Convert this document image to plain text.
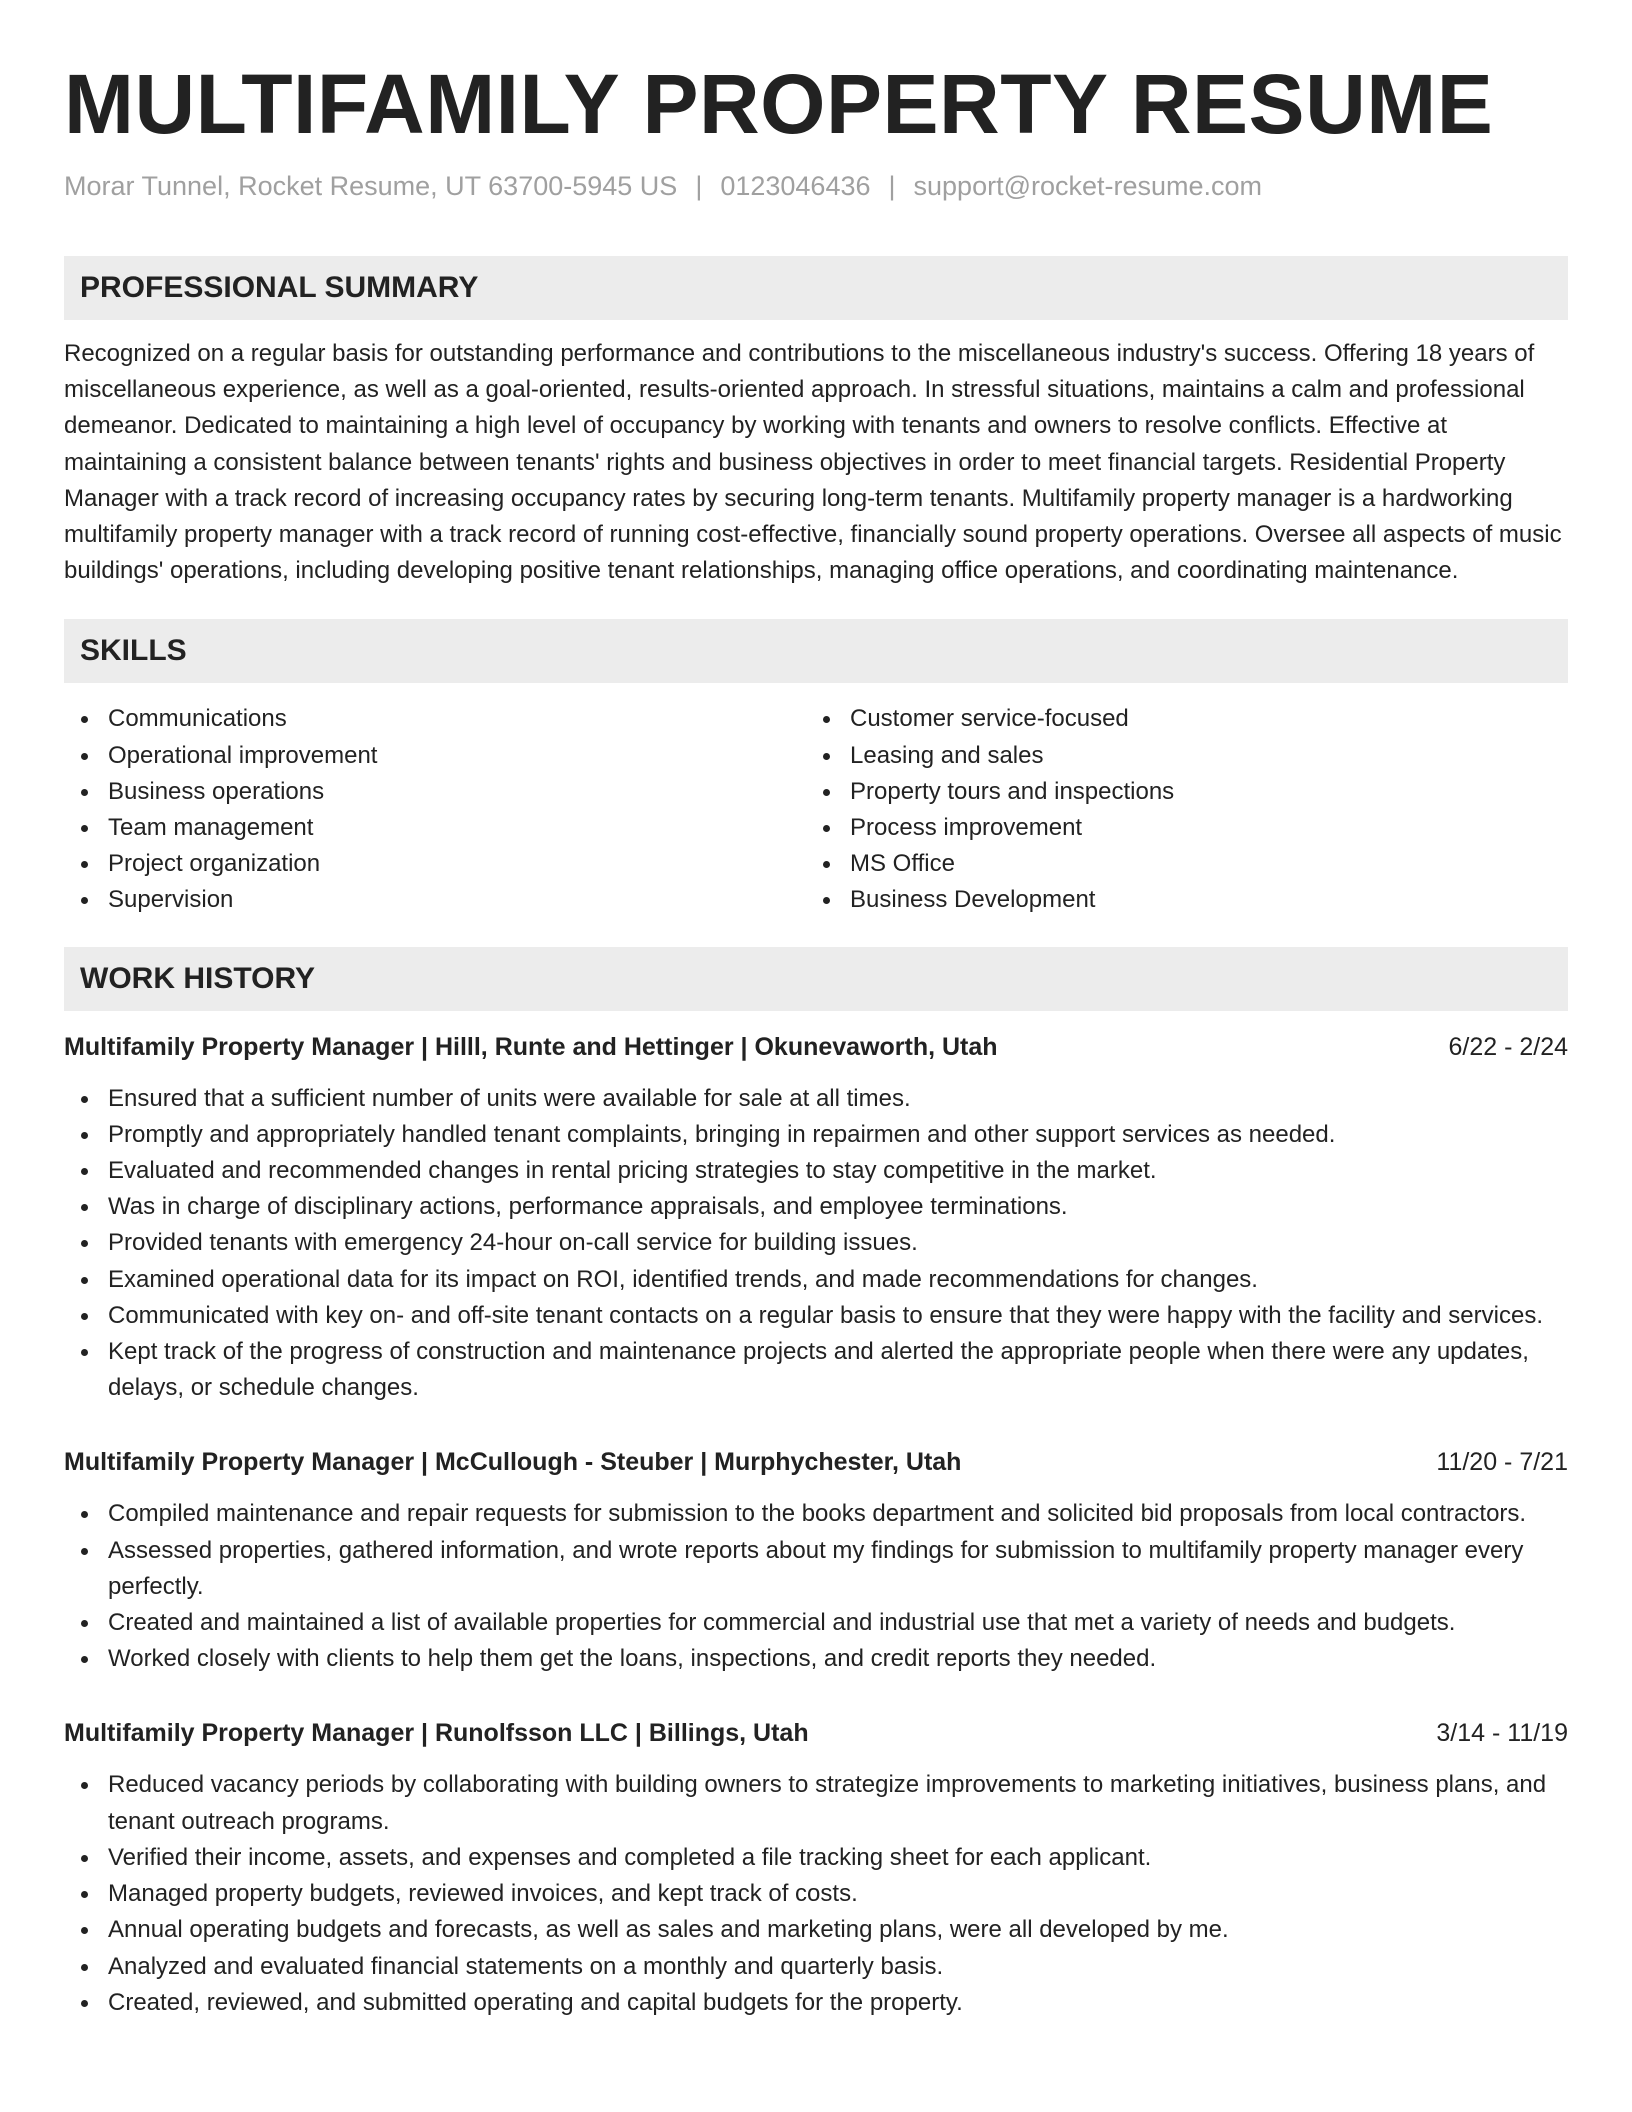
MULTIFAMILY PROPERTY RESUME
Morar Tunnel, Rocket Resume, UT 63700-5945 US | 0123046436 | support@rocket-resume.com
PROFESSIONAL SUMMARY

Recognized on a regular basis for outstanding performance and contributions to the miscellaneous industry's success. Offering 18 years of miscellaneous experience, as well as a goal-oriented, results-oriented approach. In stressful situations, maintains a calm and professional demeanor. Dedicated to maintaining a high level of occupancy by working with tenants and owners to resolve conflicts. Effective at maintaining a consistent balance between tenants' rights and business objectives in order to meet financial targets. Residential Property Manager with a track record of increasing occupancy rates by securing long-term tenants. Multifamily property manager is a hardworking multifamily property manager with a track record of running cost-effective, financially sound property operations. Oversee all aspects of music buildings' operations, including developing positive tenant relationships, managing office operations, and coordinating maintenance.

SKILLS
Communications
Operational improvement
Business operations
Team management
Project organization
Supervision
Customer service-focused
Leasing and sales
Property tours and inspections
Process improvement
MS Office
Business Development
WORK HISTORY
Multifamily Property Manager | Hilll, Runte and Hettinger | Okunevaworth, Utah	6/22 - 2/24
Ensured that a sufficient number of units were available for sale at all times.
Promptly and appropriately handled tenant complaints, bringing in repairmen and other support services as needed.
Evaluated and recommended changes in rental pricing strategies to stay competitive in the market.
Was in charge of disciplinary actions, performance appraisals, and employee terminations.
Provided tenants with emergency 24-hour on-call service for building issues.
Examined operational data for its impact on ROI, identified trends, and made recommendations for changes.
Communicated with key on- and off-site tenant contacts on a regular basis to ensure that they were happy with the facility and services.
Kept track of the progress of construction and maintenance projects and alerted the appropriate people when there were any updates, delays, or schedule changes.
Multifamily Property Manager | McCullough - Steuber | Murphychester, Utah	11/20 - 7/21
Compiled maintenance and repair requests for submission to the books department and solicited bid proposals from local contractors.
Assessed properties, gathered information, and wrote reports about my findings for submission to multifamily property manager every perfectly.
Created and maintained a list of available properties for commercial and industrial use that met a variety of needs and budgets.
Worked closely with clients to help them get the loans, inspections, and credit reports they needed.
Multifamily Property Manager | Runolfsson LLC | Billings, Utah	3/14 - 11/19
Reduced vacancy periods by collaborating with building owners to strategize improvements to marketing initiatives, business plans, and tenant outreach programs.
Verified their income, assets, and expenses and completed a file tracking sheet for each applicant.
Managed property budgets, reviewed invoices, and kept track of costs.
Annual operating budgets and forecasts, as well as sales and marketing plans, were all developed by me.
Analyzed and evaluated financial statements on a monthly and quarterly basis.
Created, reviewed, and submitted operating and capital budgets for the property.
